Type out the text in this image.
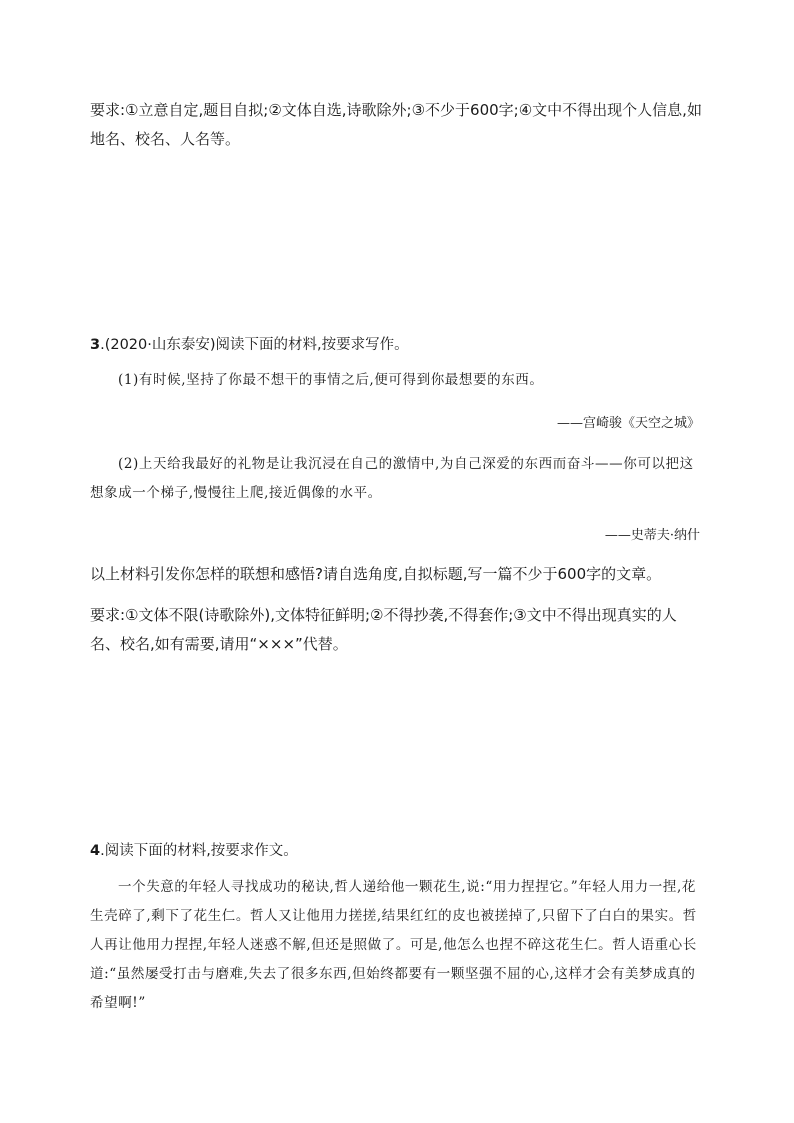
要求:①立意自定,题目自拟;②文体自选,诗歌除外;③不少于600字;④文中不得出现个人信息,如地名、校名、人名等。
3.(2020·山东泰安)阅读下面的材料,按要求写作。
(1)有时候,坚持了你最不想干的事情之后,便可得到你最想要的东西。
——宫崎骏《天空之城》
(2)上天给我最好的礼物是让我沉浸在自己的激情中,为自己深爱的东西而奋斗——你可以把这想象成一个梯子,慢慢往上爬,接近偶像的水平。
——史蒂夫·纳什
以上材料引发你怎样的联想和感悟?请自选角度,自拟标题,写一篇不少于600字的文章。
要求:①文体不限(诗歌除外),文体特征鲜明;②不得抄袭,不得套作;③文中不得出现真实的人名、校名,如有需要,请用“×××”代替。
4.阅读下面的材料,按要求作文。
一个失意的年轻人寻找成功的秘诀,哲人递给他一颗花生,说:“用力捏捏它。”年轻人用力一捏,花生壳碎了,剩下了花生仁。哲人又让他用力搓搓,结果红红的皮也被搓掉了,只留下了白白的果实。哲人再让他用力捏捏,年轻人迷惑不解,但还是照做了。可是,他怎么也捏不碎这花生仁。哲人语重心长道:“虽然屡受打击与磨难,失去了很多东西,但始终都要有一颗坚强不屈的心,这样才会有美梦成真的希望啊!”
